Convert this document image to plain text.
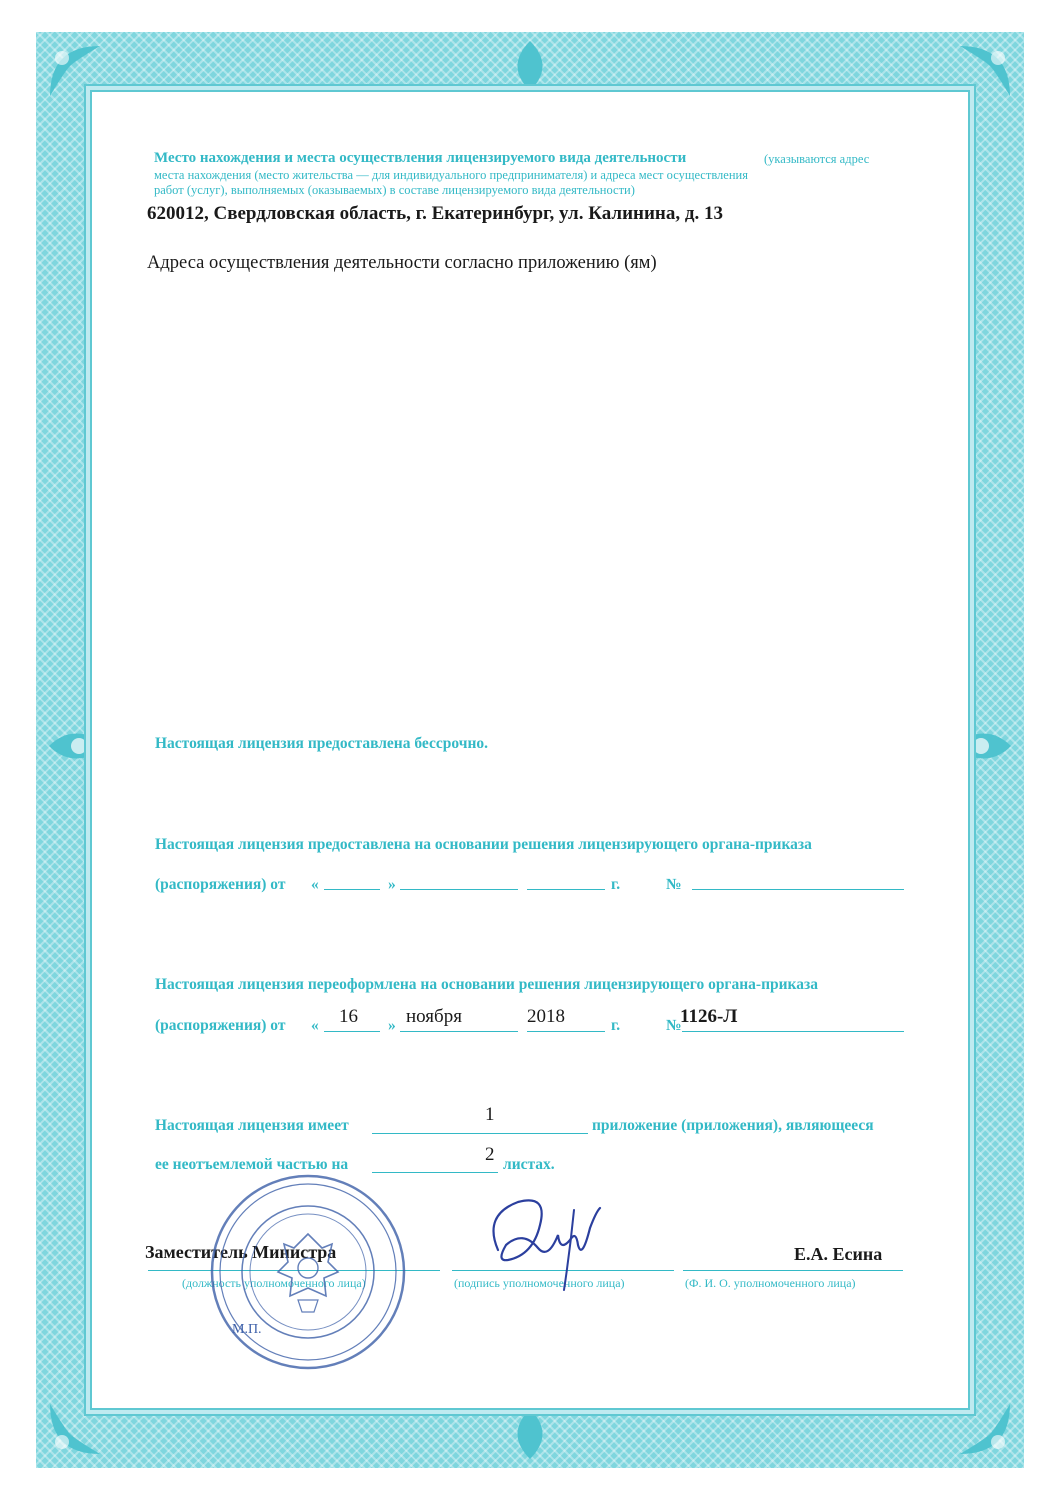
Место нахождения и места осуществления лицензируемого вида деятельности	(указываются адрес
места нахождения (место жительства — для индивидуального предпринимателя) и адреса мест осуществления
работ (услуг), выполняемых (оказываемых) в составе лицензируемого вида деятельности)
620012, Свердловская область, г. Екатеринбург, ул. Калинина, д. 13
Адреса осуществления деятельности согласно приложению (ям)
Настоящая лицензия предоставлена бессрочно.
Настоящая лицензия предоставлена на основании решения лицензирующего органа-приказа
(распоряжения) от «	»	г.	№
Настоящая лицензия переоформлена на основании решения лицензирующего органа-приказа
(распоряжения) от « 16 » ноября	2018	г.	№
1126-Л
Настоящая лицензия имеет
1
приложение (приложения), являющееся
ее неотъемлемой частью на	2 листах.
Заместитель Министра
(должность уполномоченного лица)	(подпись уполномоченного лица)
Е.А. Есина
(Ф. И. О. уполномоченного лица)
М.П.
